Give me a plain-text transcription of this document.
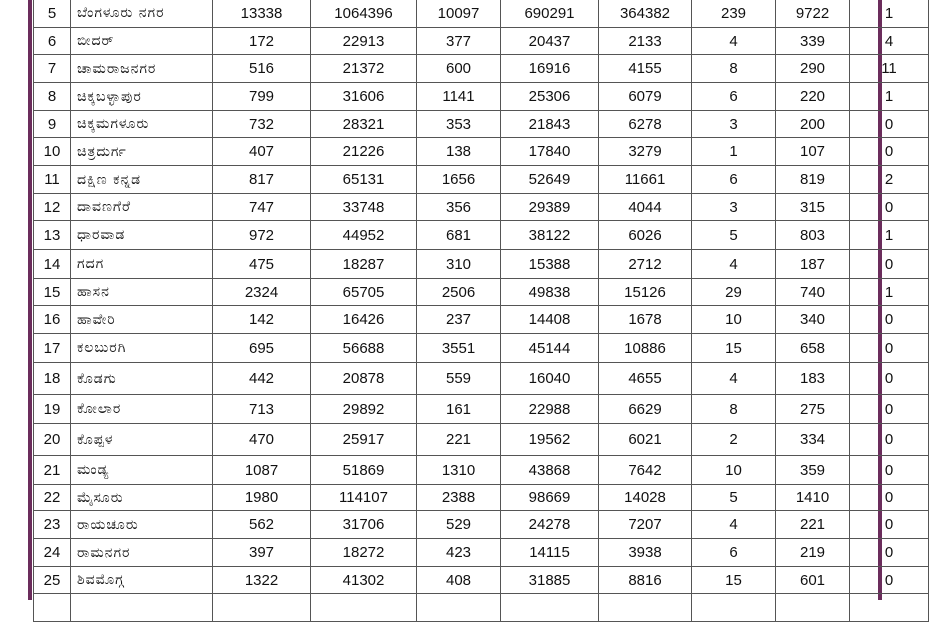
5	ಬೆಂಗಳೂರು ನಗರ	13338	1064396	10097	690291	364382	239	9722	1
6	ಬೀದರ್	172	22913	377	20437	2133	4	339	4
7	ಚಾಮರಾಜನಗರ	516	21372	600	16916	4155	8	290	11
8	ಚಿಕ್ಕಬಳ್ಳಾಪುರ	799	31606	1141	25306	6079	6	220	1
9	ಚಿಕ್ಕಮಗಳೂರು	732	28321	353	21843	6278	3	200	0
10	ಚಿತ್ರದುರ್ಗ	407	21226	138	17840	3279	1	107	0
11	ದಕ್ಷಿಣ ಕನ್ನಡ	817	65131	1656	52649	11661	6	819	2
12	ದಾವಣಗೆರೆ	747	33748	356	29389	4044	3	315	0
13	ಧಾರವಾಡ	972	44952	681	38122	6026	5	803	1
14	ಗದಗ	475	18287	310	15388	2712	4	187	0
15	ಹಾಸನ	2324	65705	2506	49838	15126	29	740	1
16	ಹಾವೇರಿ	142	16426	237	14408	1678	10	340	0
17	ಕಲಬುರಗಿ	695	56688	3551	45144	10886	15	658	0
18	ಕೊಡಗು	442	20878	559	16040	4655	4	183	0
19	ಕೋಲಾರ	713	29892	161	22988	6629	8	275	0
20	ಕೊಪ್ಪಳ	470	25917	221	19562	6021	2	334	0
21	ಮಂಡ್ಯ	1087	51869	1310	43868	7642	10	359	0
22	ಮೈಸೂರು	1980	114107	2388	98669	14028	5	1410	0
23	ರಾಯಚೂರು	562	31706	529	24278	7207	4	221	0
24	ರಾಮನಗರ	397	18272	423	14115	3938	6	219	0
25	ಶಿವಮೊಗ್ಗ	1322	41302	408	31885	8816	15	601	0
